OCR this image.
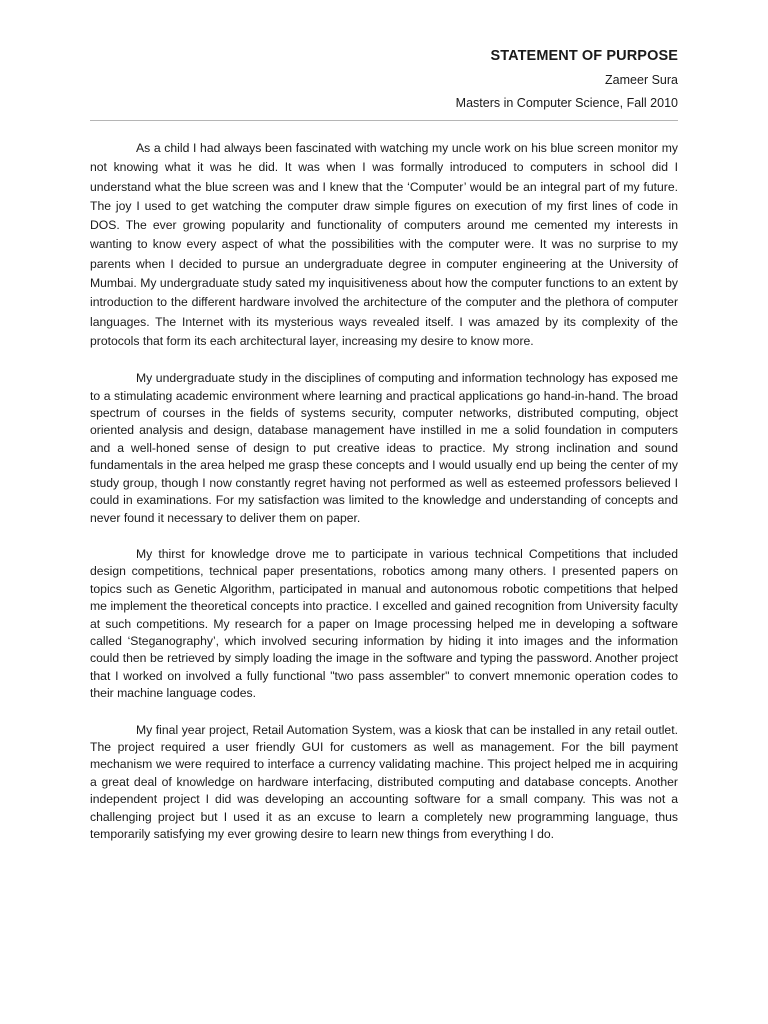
STATEMENT OF PURPOSE
Zameer Sura
Masters in Computer Science, Fall 2010

As a child I had always been fascinated with watching my uncle work on his blue screen monitor my not knowing what it was he did. It was when I was formally introduced to computers in school did I understand what the blue screen was and I knew that the ‘Computer’ would be an integral part of my future. The joy I used to get watching the computer draw simple figures on execution of my first lines of code in DOS. The ever growing popularity and functionality of computers around me cemented my interests in wanting to know every aspect of what the possibilities with the computer were. It was no surprise to my parents when I decided to pursue an undergraduate degree in computer engineering at the University of Mumbai. My undergraduate study sated my inquisitiveness about how the computer functions to an extent by introduction to the different hardware involved the architecture of the computer and the plethora of computer languages. The Internet with its mysterious ways revealed itself. I was amazed by its complexity of the protocols that form its each architectural layer, increasing my desire to know more.

My undergraduate study in the disciplines of computing and information technology has exposed me to a stimulating academic environment where learning and practical applications go hand-in-hand. The broad spectrum of courses in the fields of systems security, computer networks, distributed computing, object oriented analysis and design, database management have instilled in me a solid foundation in computers and a well-honed sense of design to put creative ideas to practice. My strong inclination and sound fundamentals in the area helped me grasp these concepts and I would usually end up being the center of my study group, though I now constantly regret having not performed as well as esteemed professors believed I could in examinations. For my satisfaction was limited to the knowledge and understanding of concepts and never found it necessary to deliver them on paper.

My thirst for knowledge drove me to participate in various technical Competitions that included design competitions, technical paper presentations, robotics among many others. I presented papers on topics such as Genetic Algorithm, participated in manual and autonomous robotic competitions that helped me implement the theoretical concepts into practice. I excelled and gained recognition from University faculty at such competitions. My research for a paper on Image processing helped me in developing a software called ‘Steganography’, which involved securing information by hiding it into images and the information could then be retrieved by simply loading the image in the software and typing the password. Another project that I worked on involved a fully functional "two pass assembler" to convert mnemonic operation codes to their machine language codes.

My final year project, Retail Automation System, was a kiosk that can be installed in any retail outlet. The project required a user friendly GUI for customers as well as management. For the bill payment mechanism we were required to interface a currency validating machine. This project helped me in acquiring a great deal of knowledge on hardware interfacing, distributed computing and database concepts. Another independent project I did was developing an accounting software for a small company. This was not a challenging project but I used it as an excuse to learn a completely new programming language, thus temporarily satisfying my ever growing desire to learn new things from everything I do.
